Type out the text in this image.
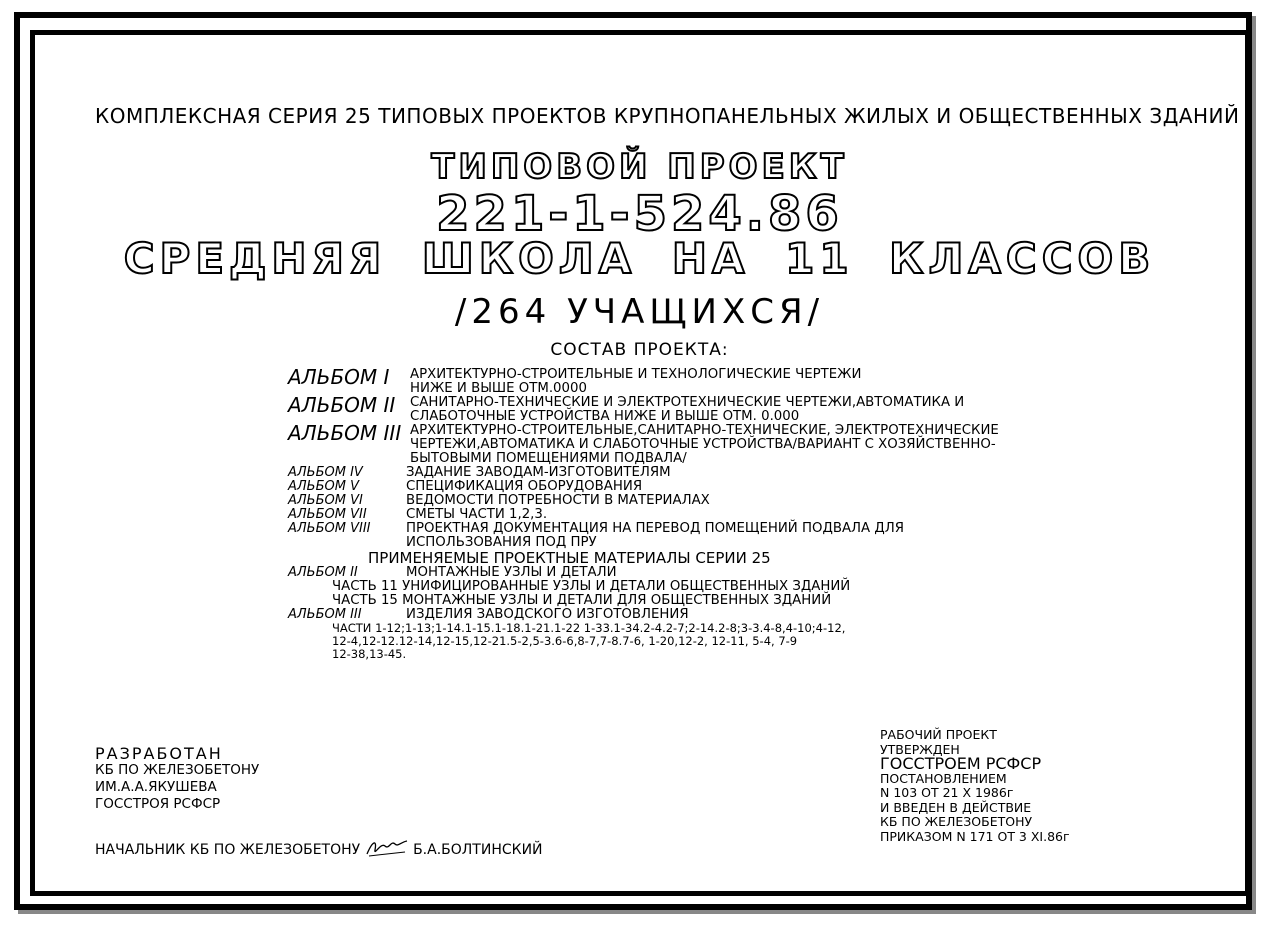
КОМПЛЕКСНАЯ СЕРИЯ 25 ТИПОВЫХ ПРОЕКТОВ КРУПНОПАНЕЛЬНЫХ ЖИЛЫХ И ОБЩЕСТВЕННЫХ ЗДАНИЙ
ТИПОВОЙ ПРОЕКТ
221-1-524.86
СРЕДНЯЯ ШКОЛА НА 11 КЛАССОВ
/264 УЧАЩИХСЯ/
СОСТАВ ПРОЕКТА:
АЛЬБОМ I	АРХИТЕКТУРНО-СТРОИТЕЛЬНЫЕ И ТЕХНОЛОГИЧЕСКИЕ ЧЕРТЕЖИ
НИЖЕ И ВЫШЕ ОТМ.0000
АЛЬБОМ II	САНИТАРНО-ТЕХНИЧЕСКИЕ И ЭЛЕКТРОТЕХНИЧЕСКИЕ ЧЕРТЕЖИ,АВТОМАТИКА И
СЛАБОТОЧНЫЕ УСТРОЙСТВА НИЖЕ И ВЫШЕ ОТМ. 0.000
АЛЬБОМ III АРХИТЕКТУРНО-СТРОИТЕЛЬНЫЕ,САНИТАРНО-ТЕХНИЧЕСКИЕ, ЭЛЕКТРОТЕХНИЧЕСКИЕ
ЧЕРТЕЖИ,АВТОМАТИКА И СЛАБОТОЧНЫЕ УСТРОЙСТВА/ВАРИАНТ С ХОЗЯЙСТВЕННО-
БЫТОВЫМИ ПОМЕЩЕНИЯМИ ПОДВАЛА/
АЛЬБОМ IV	ЗАДАНИЕ ЗАВОДАМ-ИЗГОТОВИТЕЛЯМ
АЛЬБОМ V	СПЕЦИФИКАЦИЯ ОБОРУДОВАНИЯ
АЛЬБОМ VI	ВЕДОМОСТИ ПОТРЕБНОСТИ В МАТЕРИАЛАХ
АЛЬБОМ VII	СМЕТЫ ЧАСТИ 1,2,3.
АЛЬБОМ VIII	ПРОЕКТНАЯ ДОКУМЕНТАЦИЯ НА ПЕРЕВОД ПОМЕЩЕНИЙ ПОДВАЛА ДЛЯ
ИСПОЛЬЗОВАНИЯ ПОД ПРУ
ПРИМЕНЯЕМЫЕ ПРОЕКТНЫЕ МАТЕРИАЛЫ СЕРИИ 25
АЛЬБОМ II	МОНТАЖНЫЕ УЗЛЫ И ДЕТАЛИ
ЧАСТЬ 11 УНИФИЦИРОВАННЫЕ УЗЛЫ И ДЕТАЛИ ОБЩЕСТВЕННЫХ ЗДАНИЙ
ЧАСТЬ 15 МОНТАЖНЫЕ УЗЛЫ И ДЕТАЛИ ДЛЯ ОБЩЕСТВЕННЫХ ЗДАНИЙ
АЛЬБОМ III	ИЗДЕЛИЯ ЗАВОДСКОГО ИЗГОТОВЛЕНИЯ
ЧАСТИ 1-12;1-13;1-14.1-15.1-18.1-21.1-22 1-33.1-34.2-4.2-7;2-14.2-8;3-3.4-8,4-10;4-12,
12-4,12-12.12-14,12-15,12-21.5-2,5-3.6-6,8-7,7-8.7-6, 1-20,12-2, 12-11, 5-4, 7-9
12-38,13-45.
РАЗРАБОТАН
КБ ПО ЖЕЛЕЗОБЕТОНУ
ИМ.А.А.ЯКУШЕВА
ГОССТРОЯ РСФСР
НАЧАЛЬНИК КБ ПО ЖЕЛЕЗОБЕТОНУ	Б.А.БОЛТИНСКИЙ
РАБОЧИЙ ПРОЕКТ
УТВЕРЖДЕН
ГОССТРОЕМ РСФСР
ПОСТАНОВЛЕНИЕМ
N 103 ОТ 21 X 1986г
И ВВЕДЕН В ДЕЙСТВИЕ
КБ ПО ЖЕЛЕЗОБЕТОНУ
ПРИКАЗОМ N 171 ОТ 3 XI.86г
